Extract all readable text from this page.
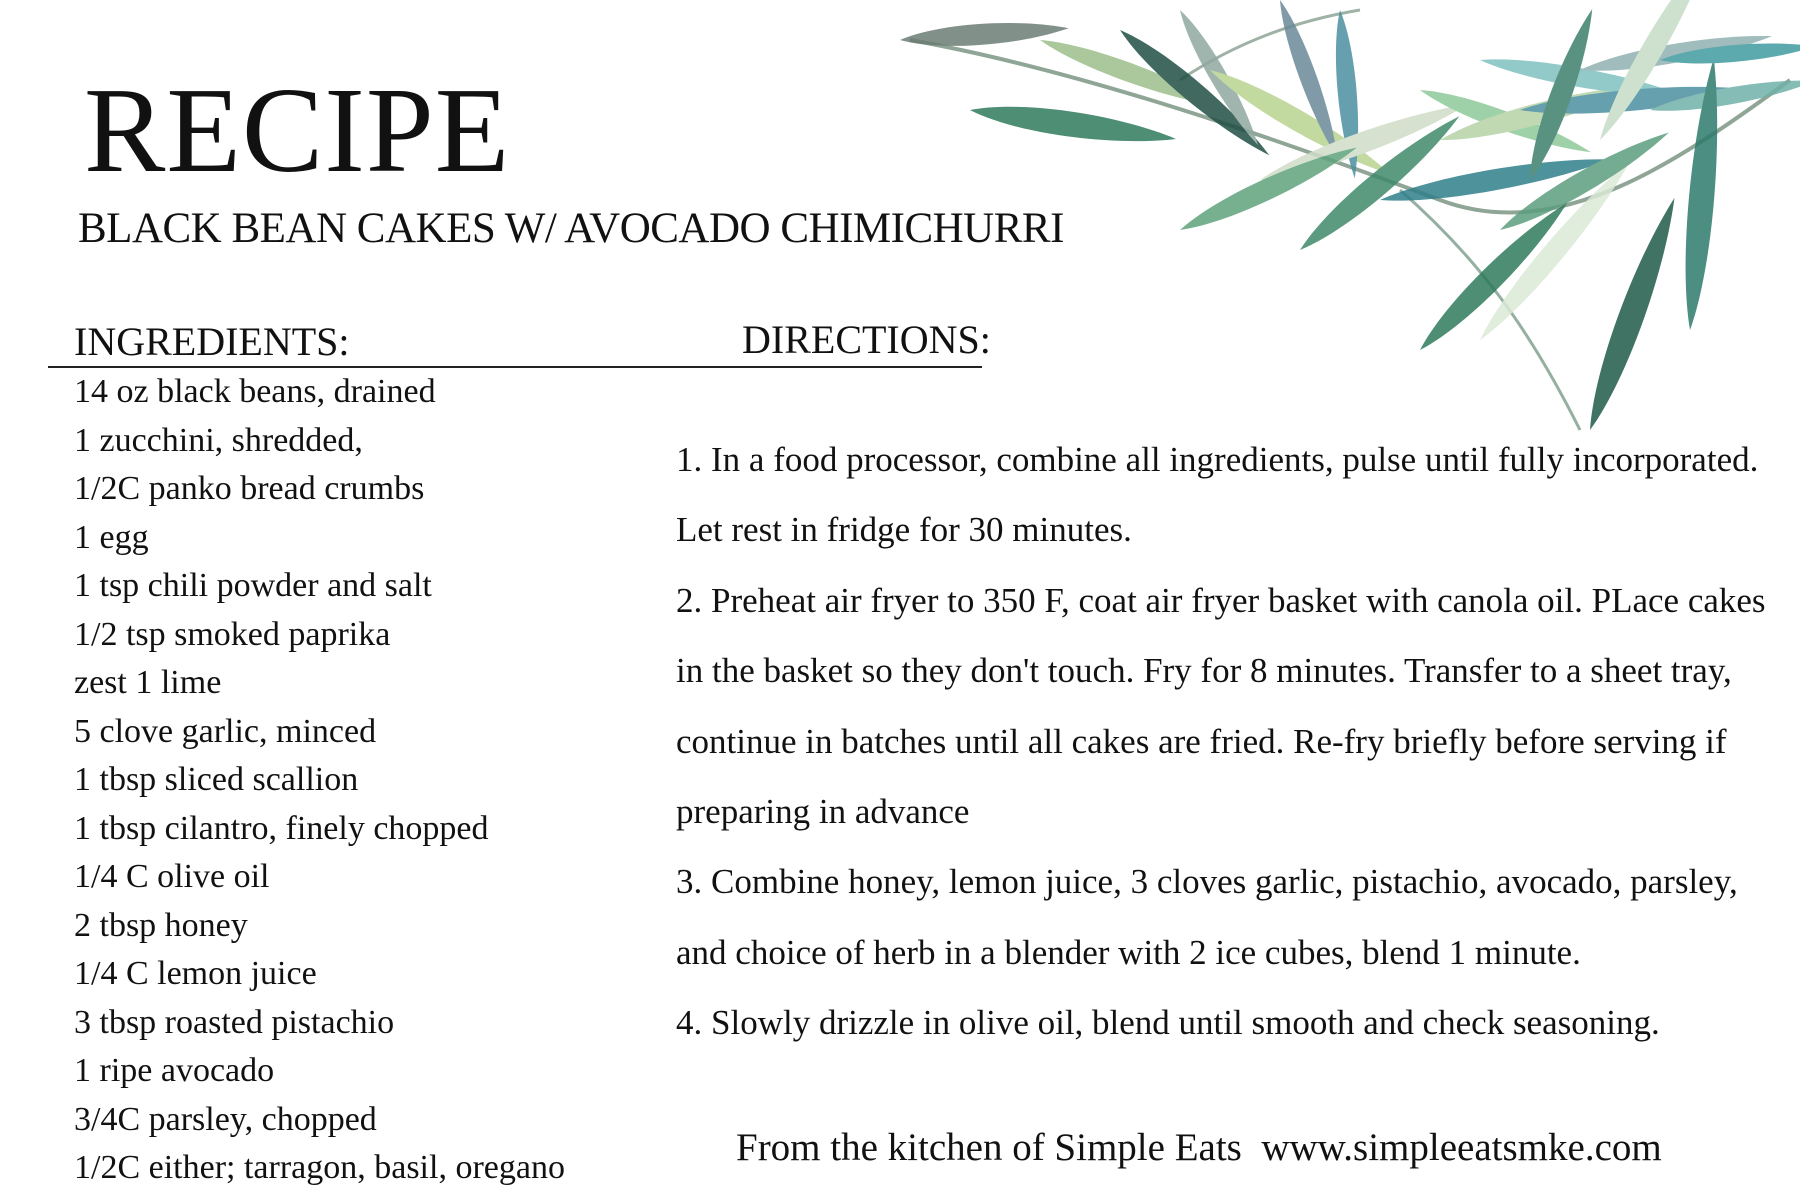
RECIPE
BLACK BEAN CAKES W/ AVOCADO CHIMICHURRI
INGREDIENTS:	DIRECTIONS:
14 oz black beans, drained
1 zucchini, shredded,
1/2C panko bread crumbs
1 egg
1 tsp chili powder and salt
1/2 tsp smoked paprika
zest 1 lime
5 clove garlic, minced
1 tbsp sliced scallion
1 tbsp cilantro, finely chopped
1/4 C olive oil
2 tbsp honey
1/4 C lemon juice
3 tbsp roasted pistachio
1 ripe avocado
3/4C parsley, chopped
1/2C either; tarragon, basil, oregano

1. In a food processor, combine all ingredients, pulse until fully incorporated. Let rest in fridge for 30 minutes.

2. Preheat air fryer to 350 F, coat air fryer basket with canola oil. PLace cakes in the basket so they don't touch. Fry for 8 minutes. Transfer to a sheet tray, continue in batches until all cakes are fried. Re-fry briefly before serving if preparing in advance

3. Combine honey, lemon juice, 3 cloves garlic, pistachio, avocado, parsley, and choice of herb in a blender with 2 ice cubes, blend 1 minute.

4. Slowly drizzle in olive oil, blend until smooth and check seasoning.

From the kitchen of Simple Eats  www.simpleeatsmke.com
